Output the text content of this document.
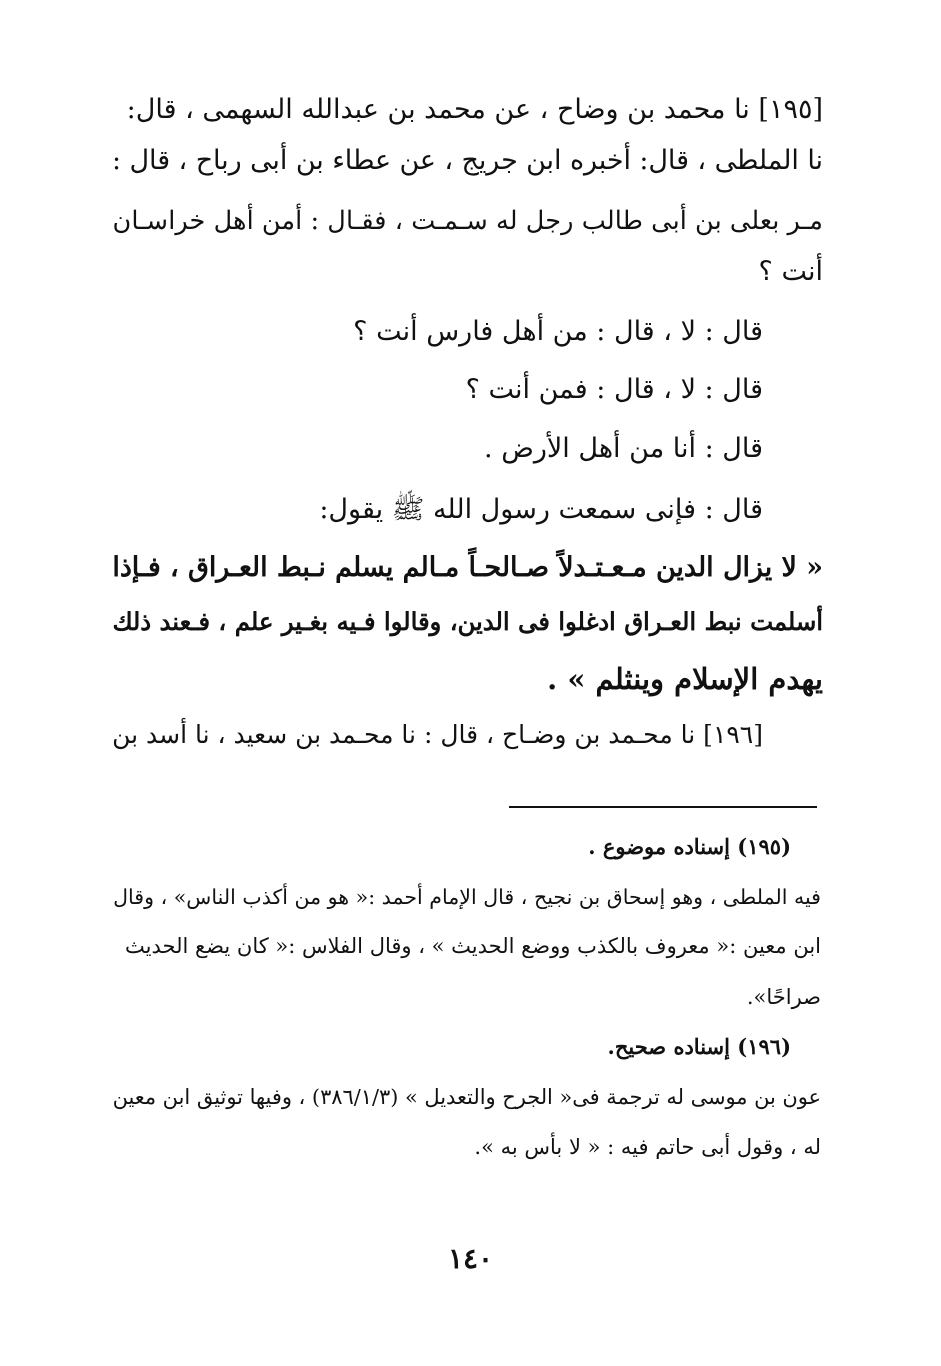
[١٩٥] نا محمد بن وضاح ، عن محمد بن عبدالله السهمى ، قال:
نا الملطى ، قال: أخبره ابن جريج ، عن عطاء بن أبى رباح ، قال :
مـر بعلى بن أبى طالب رجل له سـمـت ، فقـال : أمن أهل خراسـان
أنت ؟
قال : لا ، قال : من أهل فارس أنت ؟
قال : لا ، قال : فمن أنت ؟
قال : أنا من أهل الأرض .
قال : فإنى سمعت رسول الله ﷺ يقول:
« لا يزال الدين مـعـتـدلاً صـالحـاً مـالم يسلم نـبط العـراق ، فـإذا
أسلمت نبط العـراق ادغلوا فى الدين، وقالوا فـيه بغـير علم ، فـعند ذلك
يهدم الإسلام وينثلم » .
[١٩٦] نا محـمد بن وضـاح ، قال : نا محـمد بن سعيد ، نا أسد بن
(١٩٥) إسناده موضوع .
فيه الملطى ، وهو إسحاق بن نجيح ، قال الإمام أحمد :« هو من أكذب الناس» ، وقال
ابن معين :« معروف بالكذب ووضع الحديث » ، وقال الفلاس :« كان يضع الحديث
صراحًا».
(١٩٦) إسناده صحيح.
عون بن موسى له ترجمة فى« الجرح والتعديل » (٣٨٦/١/٣) ، وفيها توثيق ابن معين
له ، وقول أبى حاتم فيه : « لا بأس به ».
١٤٠
